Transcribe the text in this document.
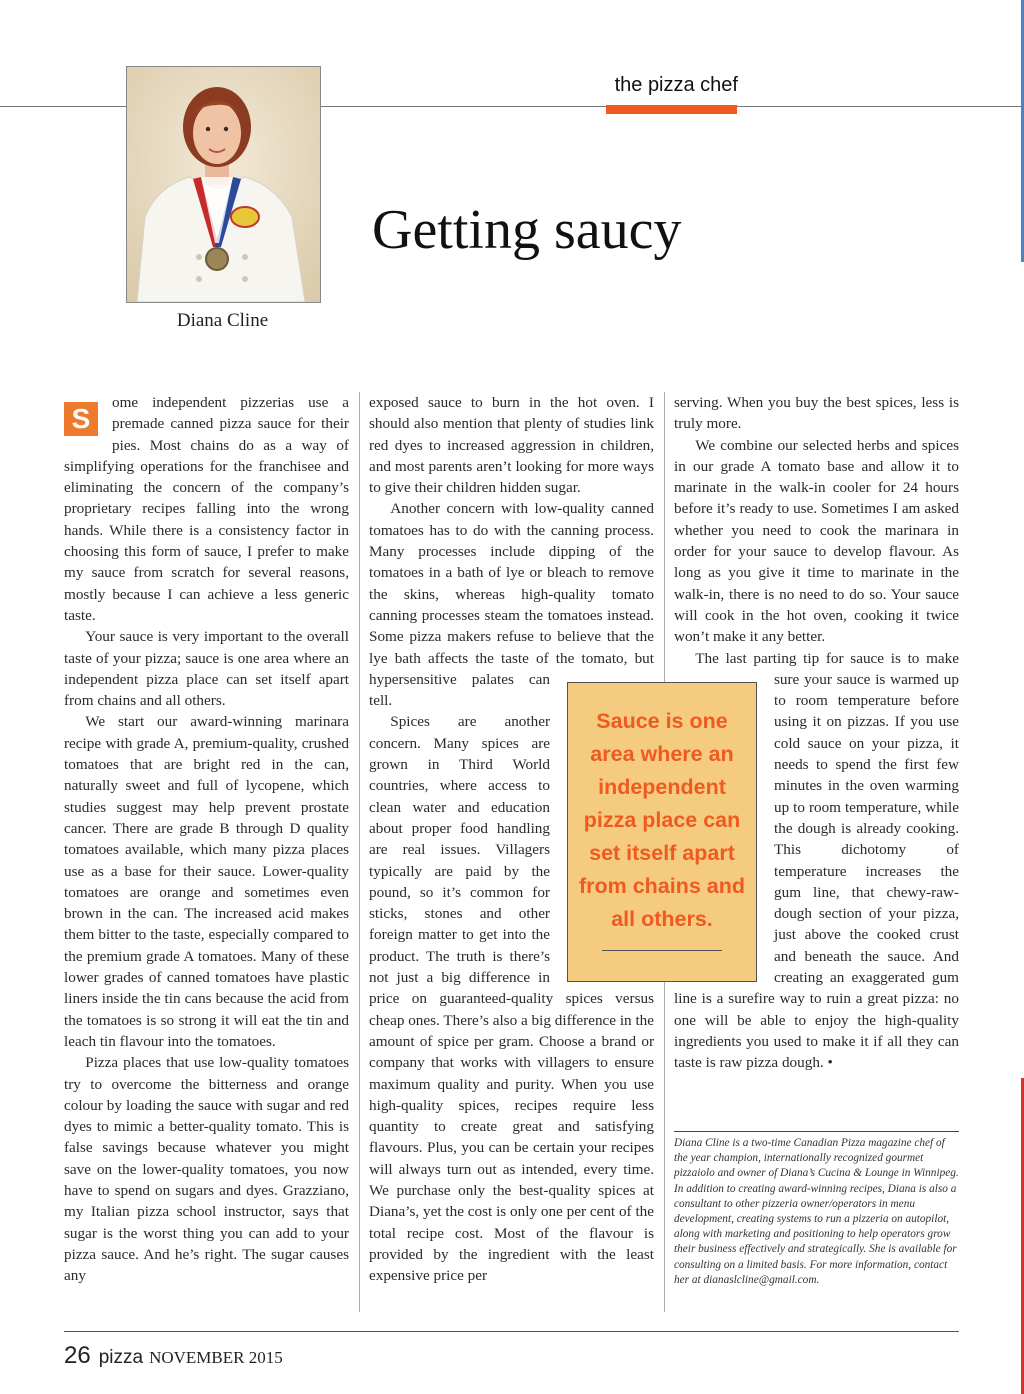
the pizza chef
Diana Cline
Getting saucy

S
ome independent pizzerias use a premade canned pizza sauce for their pies. Most chains do as a way of simplifying operations for the franchisee and eliminating the concern of the company’s proprietary recipes falling into the wrong hands. While there is a consistency factor in choosing this form of sauce, I prefer to make my sauce from scratch for several reasons, mostly because I can achieve a less generic taste.

Your sauce is very important to the overall taste of your pizza; sauce is one area where an independent pizza place can set itself apart from chains and all others.

We start our award-winning marinara recipe with grade A, premium-quality, crushed tomatoes that are bright red in the can, naturally sweet and full of lycopene, which studies suggest may help prevent prostate cancer. There are grade B through D quality tomatoes available, which many pizza places use as a base for their sauce. Lower-quality tomatoes are orange and sometimes even brown in the can. The increased acid makes them bitter to the taste, especially compared to the premium grade A tomatoes. Many of these lower grades of canned tomatoes have plastic liners inside the tin cans because the acid from the tomatoes is so strong it will eat the tin and leach tin flavour into the tomatoes.

Pizza places that use low-quality tomatoes try to overcome the bitterness and orange colour by loading the sauce with sugar and red dyes to mimic a better-quality tomato. This is false savings because whatever you might save on the lower-quality tomatoes, you now have to spend on sugars and dyes. Grazziano, my Italian pizza school instructor, says that sugar is the worst thing you can add to your pizza sauce. And he’s right. The sugar causes any

exposed sauce to burn in the hot oven. I should also mention that plenty of studies link red dyes to increased aggression in children, and most parents aren’t looking for more ways to give their children hidden sugar.

Another concern with low-quality canned tomatoes has to do with the canning process. Many processes include dipping of the tomatoes in a bath of lye or bleach to remove the skins, whereas high-quality tomato canning processes steam the tomatoes instead. Some pizza makers refuse to believe that the lye bath affects the taste of the tomato, but hypersensitive palates can tell.

Spices are another concern. Many spices are grown in Third World countries, where access to clean water and education about proper food handling are real issues. Villagers typically are paid by the pound, so it’s common for sticks, stones and other foreign matter to get into the product. The truth is there’s not just a big difference in price on guaranteed-quality spices versus cheap ones. There’s also a big difference in the amount of spice per gram. Choose a brand or company that works with villagers to ensure maximum quality and purity. When you use high-quality spices, recipes require less quantity to create great and satisfying flavours. Plus, you can be certain your recipes will always turn out as intended, every time. We purchase only the best-quality spices at Diana’s, yet the cost is only one per cent of the total recipe cost. Most of the flavour is provided by the ingredient with the least expensive price per

serving. When you buy the best spices, less is truly more.

We combine our selected herbs and spices in our grade A tomato base and allow it to marinate in the walk-in cooler for 24 hours before it’s ready to use. Sometimes I am asked whether you need to cook the marinara in order for your sauce to develop flavour. As long as you give it time to marinate in the walk-in, there is no need to do so. Your sauce will cook in the hot oven, cooking it twice won’t make it any better.

The last parting tip for sauce is to make sure your sauce is warmed up to room temperature before using it on pizzas. If you use cold sauce on your pizza, it needs to spend the first few minutes in the oven warming up to room temperature, while the dough is already cooking. This dichotomy of temperature increases the gum line, that chewy-raw-dough section of your pizza, just above the cooked crust and beneath the sauce. And creating an exaggerated gum line is a surefire way to ruin a great pizza: no one will be able to enjoy the high-quality ingredients you used to make it if all they can taste is raw pizza dough. •

Sauce is one area where an independent pizza place can set itself apart from chains and all others.
Diana Cline is a two-time Canadian Pizza magazine chef of the year champion, internationally recognized gourmet pizzaiolo and owner of Diana’s Cucina & Lounge in Winnipeg. In addition to creating award-winning recipes, Diana is also a consultant to other pizzeria owner/operators in menu development, creating systems to run a pizzeria on autopilot, along with marketing and positioning to help operators grow their business effectively and strategically. She is available for consulting on a limited basis. For more information, contact her at dianaslcline@gmail.com.
26 pizza NOVEMBER 2015
